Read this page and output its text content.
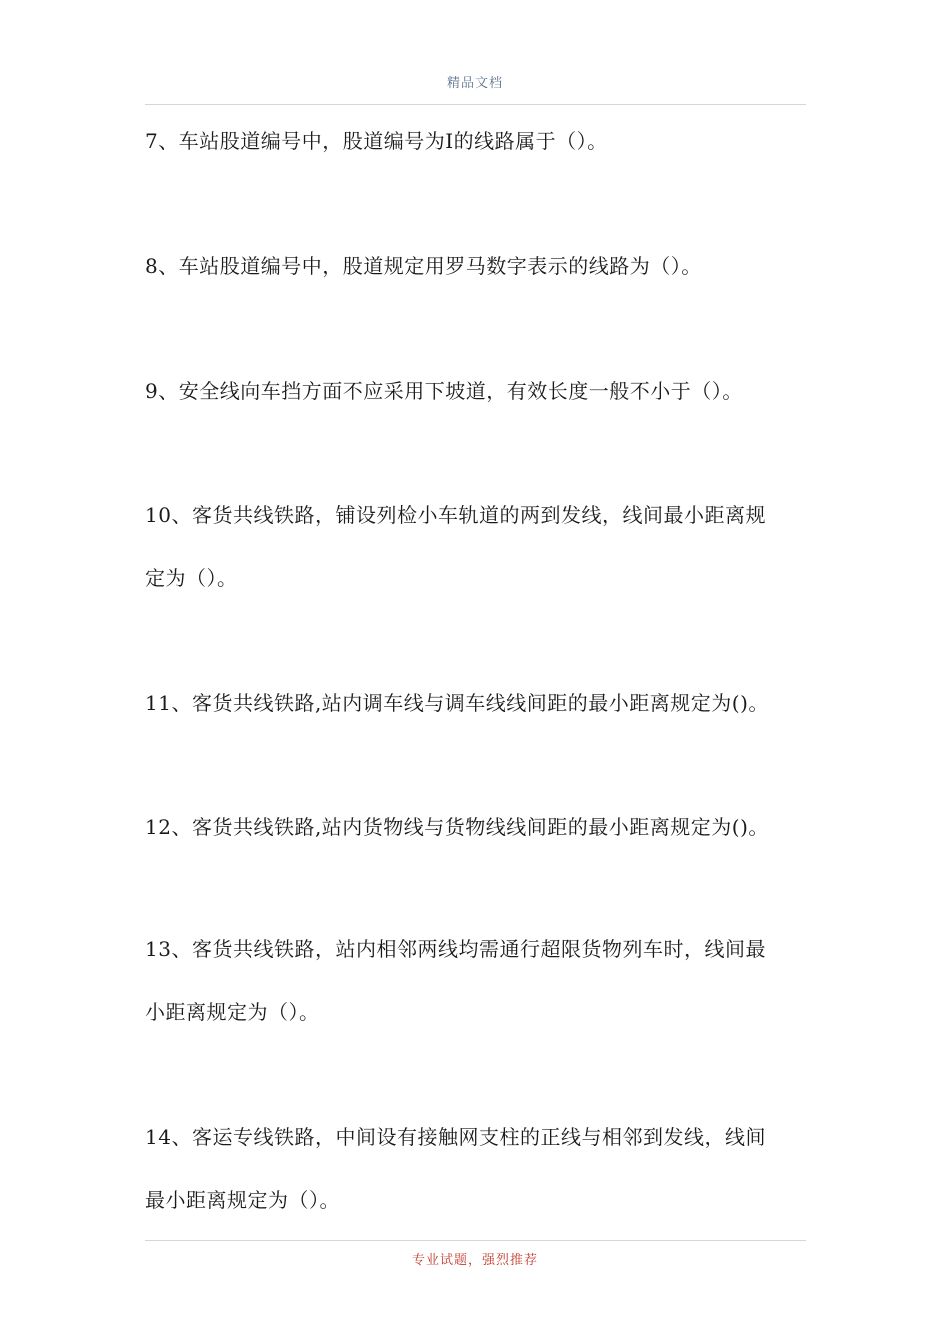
精品文档
7、车站股道编号中，股道编号为Ⅰ的线路属于（）。
8、车站股道编号中，股道规定用罗马数字表示的线路为（）。
9、安全线向车挡方面不应采用下坡道，有效长度一般不小于（）。
10、客货共线铁路，铺设列检小车轨道的两到发线，线间最小距离规
定为（）。
11、客货共线铁路,站内调车线与调车线线间距的最小距离规定为()。
12、客货共线铁路,站内货物线与货物线线间距的最小距离规定为()。
13、客货共线铁路，站内相邻两线均需通行超限货物列车时，线间最
小距离规定为（）。
14、客运专线铁路，中间设有接触网支柱的正线与相邻到发线，线间
最小距离规定为（）。
专业试题，强烈推荐
